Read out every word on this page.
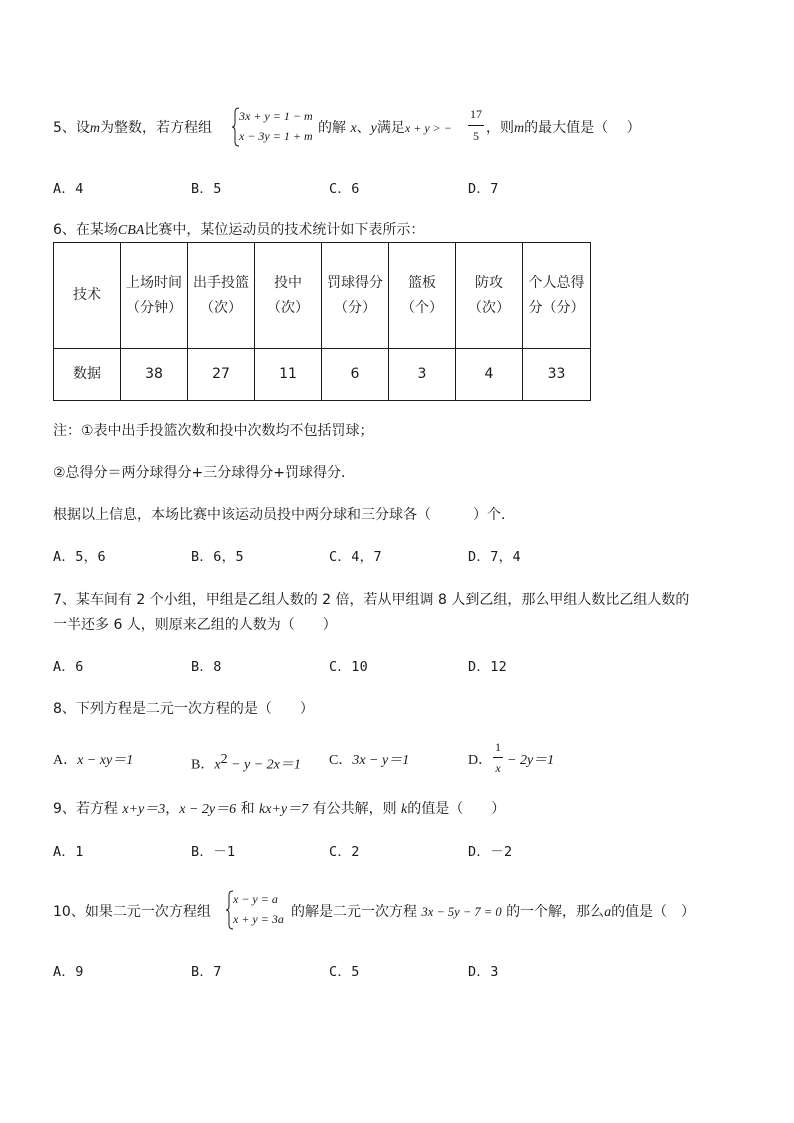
5、设m为整数，若方程组
3x + y = 1 − m
x − 3y = 1 + m 的解 x、y满足x + y > −
17
5 ，则m的最大值是（　 ）
A．4	B．5	C．6	D．7
6、在某场CBA比赛中，某位运动员的技术统计如下表所示：
技术	上场时间（分钟）	出手投篮（次）	投中（次）	罚球得分（分）	篮板（个）	防攻（次）	个人总得分（分）
数据	38	27	11	6	3	4	33
注：①表中出手投篮次数和投中次数均不包括罚球；
②总得分＝两分球得分+三分球得分+罚球得分．
根据以上信息，本场比赛中该运动员投中两分球和三分球各（　　　）个．
A．5，6	B．6，5	C．4，7	D．7，4
7、某车间有 2 个小组，甲组是乙组人数的 2 倍，若从甲组调 8 人到乙组，那么甲组人数比乙组人数的
一半还多 6 人，则原来乙组的人数为（　　）
A．6	B．8	C．10	D．12
8、下列方程是二元一次方程的是（　　）
A．x − xy＝1	B．$x^2 - y - 2x=1$ C．3x − y＝1	D．
1
x − 2y＝1
9、若方程 x+y＝3，x − 2y＝6 和 kx+y＝7 有公共解，则 k的值是（　　）
A．1	B．－1	C．2	D．－2
10、如果二元一次方程组
x − y = a
x + y = 3a 的解是二元一次方程 3x − 5y − 7 = 0 的一个解，那么a的值是（　）
A．9	B．7	C．5	D．3
